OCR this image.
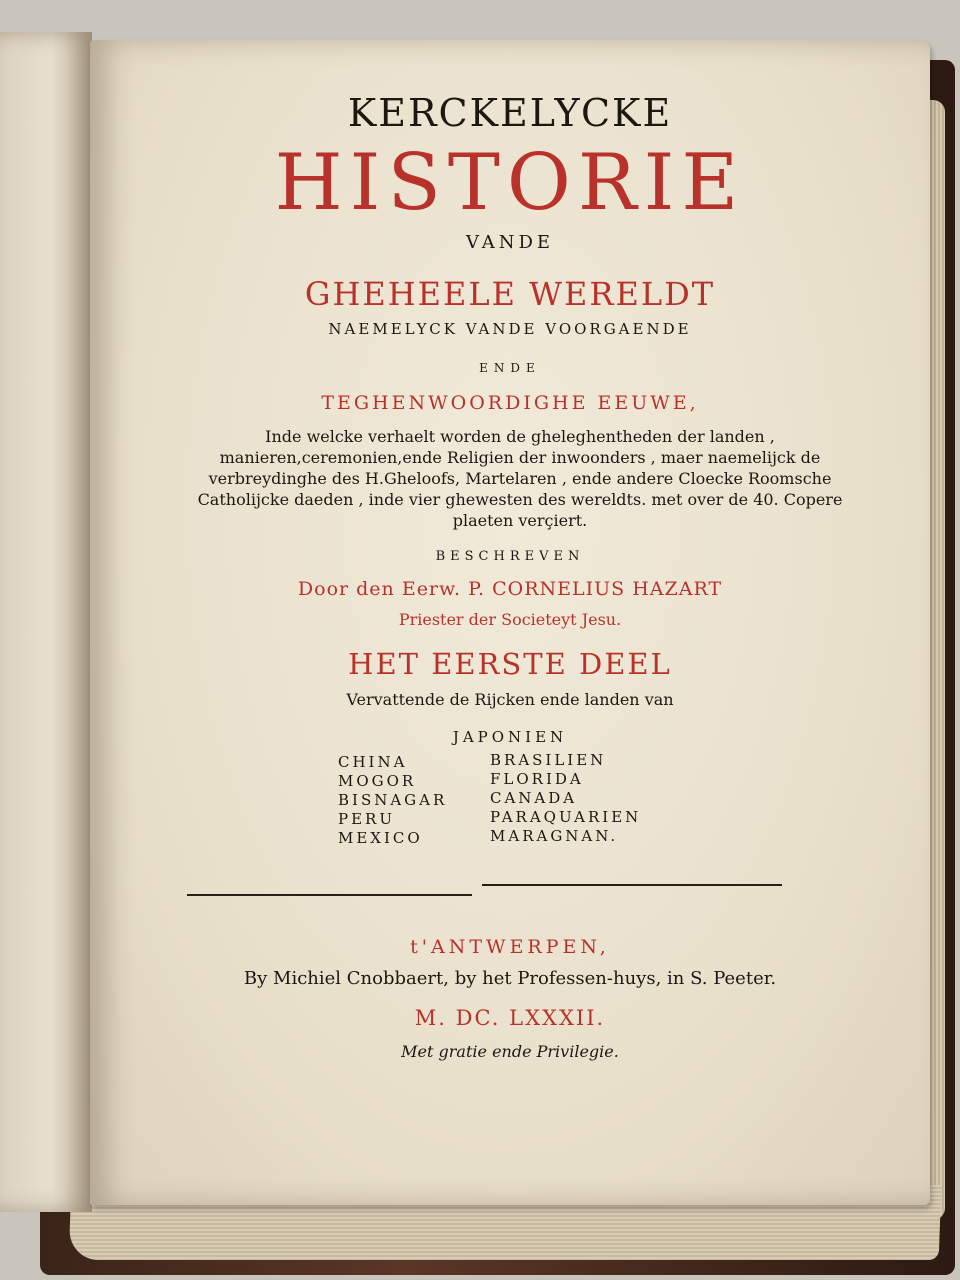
KERCKELYCKE
HISTORIE
VANDE
GHEHEELE WERELDT
NAEMELYCK VANDE VOORGAENDE
ENDE
TEGHENWOORDIGHE EEUWE,
Inde welcke verhaelt worden de gheleghentheden der landen , manieren,ceremonien,ende Religien der inwoonders , maer naemelijck de verbreydinghe des H.Gheloofs, Martelaren , ende andere Cloecke Roomsche Catholijcke daeden , inde vier ghewesten des wereldts. met over de 40. Copere plaeten verçiert.
BESCHREVEN
Door den Eerw. P. CORNELIUS HAZART
Priester der Societeyt Jesu.
HET EERSTE DEEL
Vervattende de Rijcken ende landen van
JAPONIEN
CHINA
MOGOR
BISNAGAR
PERU
MEXICO
BRASILIEN
FLORIDA
CANADA
PARAQUARIEN
MARAGNAN.
t'ANTWERPEN,
By Michiel Cnobbaert, by het Professen-huys, in S. Peeter.
M. DC. LXXXII.
Met gratie ende Privilegie.
